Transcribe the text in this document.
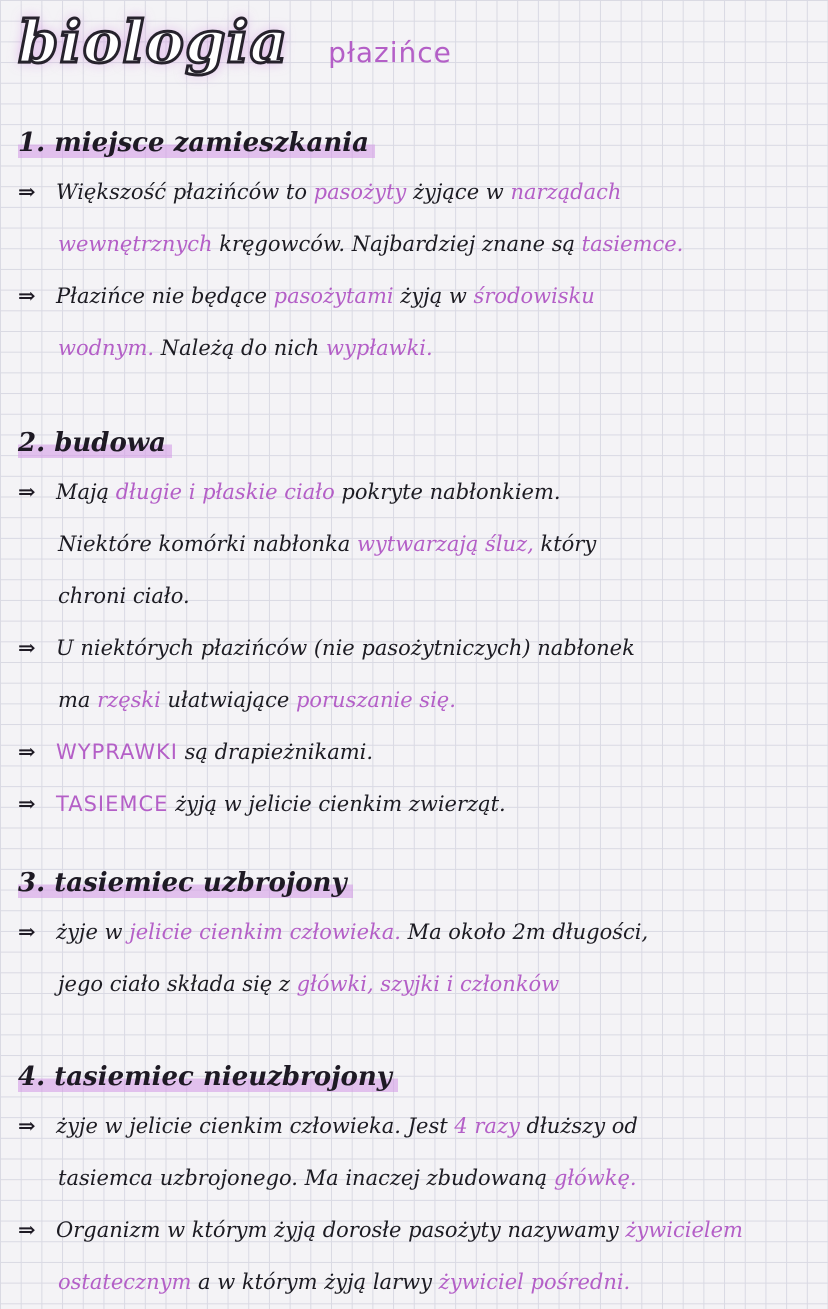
biologia płazińce
1. miejsce zamieszkania
⇒ Większość płazińców to pasożyty żyjące w narządach
wewnętrznych kręgowców. Najbardziej znane są tasiemce.
⇒ Płazińce nie będące pasożytami żyją w środowisku
wodnym. Należą do nich wypławki.
2. budowa
⇒ Mają długie i płaskie ciało pokryte nabłonkiem.
Niektóre komórki nabłonka wytwarzają śluz, który
chroni ciało.
⇒ U niektórych płazińców (nie pasożytniczych) nabłonek
ma rzęski ułatwiające poruszanie się.
⇒ WYPRAWKI są drapieżnikami.
⇒ TASIEMCE żyją w jelicie cienkim zwierząt.
3. tasiemiec uzbrojony
⇒ żyje w jelicie cienkim człowieka. Ma około 2m długości,
jego ciało składa się z główki, szyjki i członków
4. tasiemiec nieuzbrojony
⇒ żyje w jelicie cienkim człowieka. Jest 4 razy dłuższy od
tasiemca uzbrojonego. Ma inaczej zbudowaną główkę.
⇒ Organizm w którym żyją dorosłe pasożyty nazywamy żywicielem
ostatecznym a w którym żyją larwy żywiciel pośredni.
